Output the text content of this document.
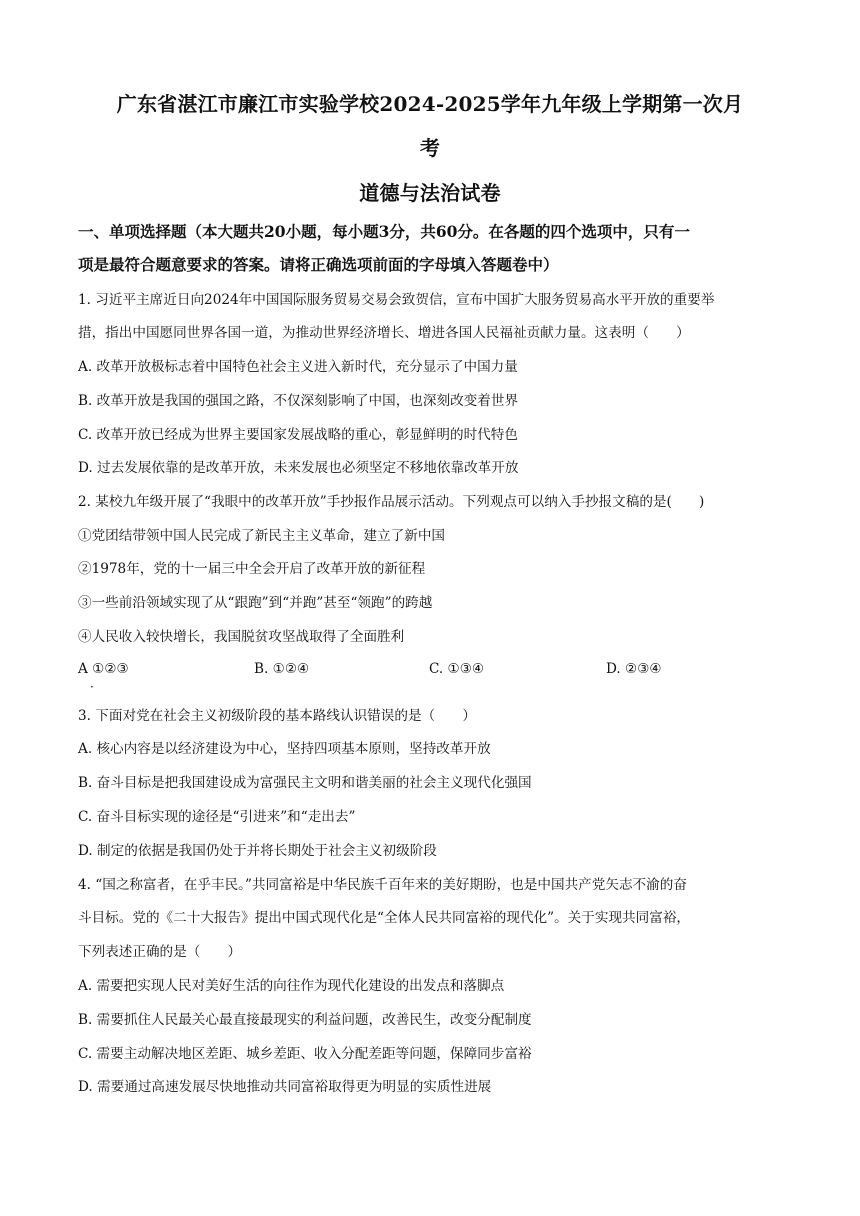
广东省湛江市廉江市实验学校2024-2025学年九年级上学期第一次月
考
道德与法治试卷
一、单项选择题（本大题共20小题，每小题3分，共60分。在各题的四个选项中，只有一
项是最符合题意要求的答案。请将正确选项前面的字母填入答题卷中）
1. 习近平主席近日向2024年中国国际服务贸易交易会致贺信，宣布中国扩大服务贸易高水平开放的重要举
措，指出中国愿同世界各国一道，为推动世界经济增长、增进各国人民福祉贡献力量。这表明（　　）
A. 改革开放极标志着中国特色社会主义进入新时代，充分显示了中国力量
B. 改革开放是我国的强国之路，不仅深刻影响了中国，也深刻改变着世界
C. 改革开放已经成为世界主要国家发展战略的重心，彰显鲜明的时代特色
D. 过去发展依靠的是改革开放，未来发展也必须坚定不移地依靠改革开放
2. 某校九年级开展了“我眼中的改革开放”手抄报作品展示活动。下列观点可以纳入手抄报文稿的是(　　)
①党团结带领中国人民完成了新民主主义革命，建立了新中国
②1978年，党的十一届三中全会开启了改革开放的新征程
③一些前沿领域实现了从“跟跑”到“并跑”甚至“领跑”的跨越
④人民收入较快增长，我国脱贫攻坚战取得了全面胜利
A ①②③	B. ①②④	C. ①③④	D. ②③④
·
3. 下面对党在社会主义初级阶段的基本路线认识错误的是（　　）
A. 核心内容是以经济建设为中心，坚持四项基本原则，坚持改革开放
B. 奋斗目标是把我国建设成为富强民主文明和谐美丽的社会主义现代化强国
C. 奋斗目标实现的途径是“引进来”和“走出去”
D. 制定的依据是我国仍处于并将长期处于社会主义初级阶段
4. “国之称富者，在乎丰民。”共同富裕是中华民族千百年来的美好期盼，也是中国共产党矢志不渝的奋
斗目标。党的《二十大报告》提出中国式现代化是“全体人民共同富裕的现代化”。关于实现共同富裕，
下列表述正确的是（　　）
A. 需要把实现人民对美好生活的向往作为现代化建设的出发点和落脚点
B. 需要抓住人民最关心最直接最现实的利益问题，改善民生，改变分配制度
C. 需要主动解决地区差距、城乡差距、收入分配差距等问题，保障同步富裕
D. 需要通过高速发展尽快地推动共同富裕取得更为明显的实质性进展
